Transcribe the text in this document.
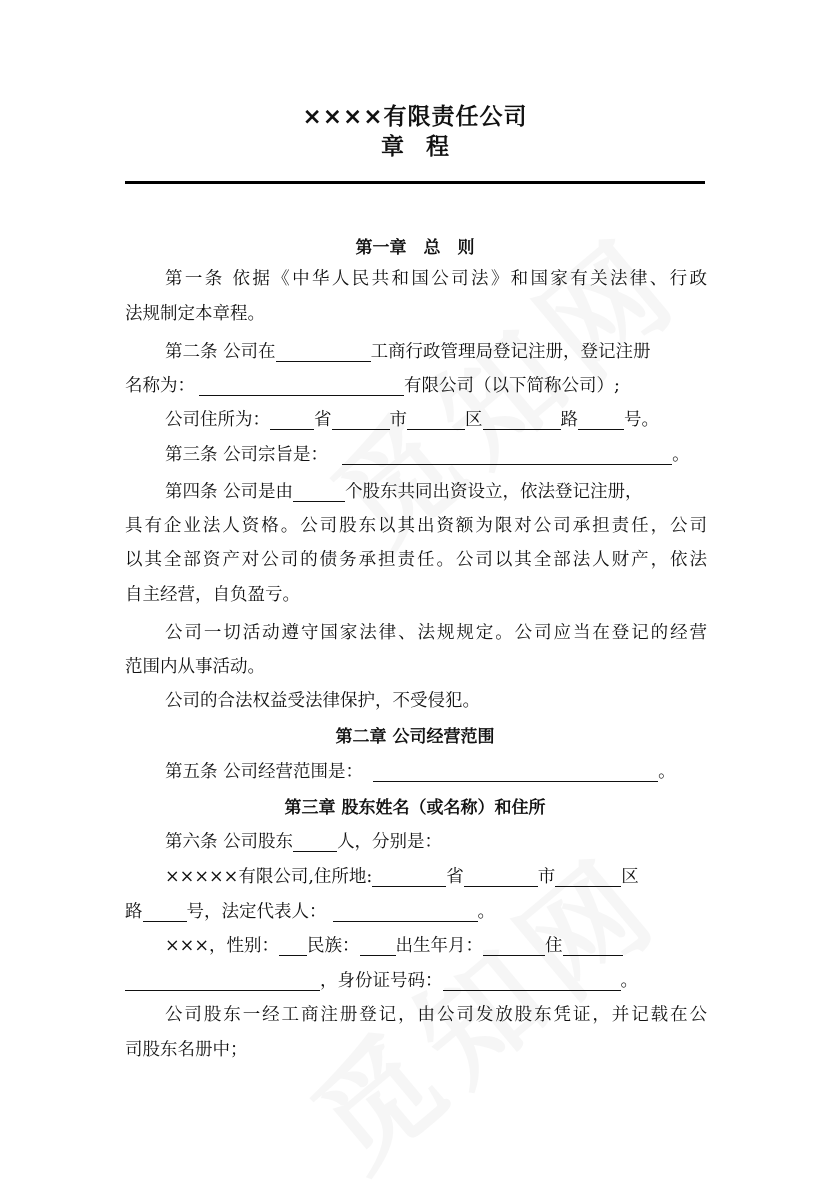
××××有限责任公司
章程
第一章　总　则
第一条 依据《中华人民共和国公司法》和国家有关法律、行政
法规制定本章程。
第二条 公司在	工商行政管理局登记注册，登记注册
名称为：	有限公司（以下简称公司）;
公司住所为：	省	市	区	路	号。
第三条 公司宗旨是：	。
第四条 公司是由	个股东共同出资设立，依法登记注册，
具有企业法人资格。公司股东以其出资额为限对公司承担责任，公司
以其全部资产对公司的债务承担责任。公司以其全部法人财产，依法
自主经营，自负盈亏。
公司一切活动遵守国家法律、法规规定。公司应当在登记的经营
范围内从事活动。
公司的合法权益受法律保护，不受侵犯。
第二章 公司经营范围
第五条 公司经营范围是：	。
第三章 股东姓名（或名称）和住所
第六条 公司股东	人，分别是：
×××××有限公司,住所地:	省	市	区
路	号，法定代表人：	。
×××，性别： 民族： 出生年月：	住
，身份证号码：	。
公司股东一经工商注册登记，由公司发放股东凭证，并记载在公
司股东名册中；
